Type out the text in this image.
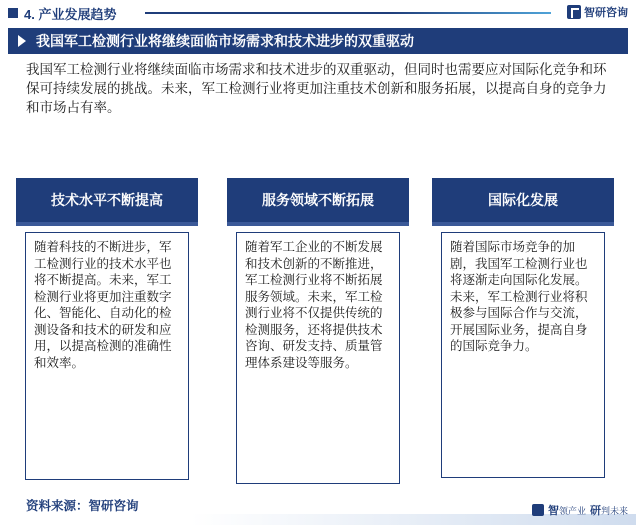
4. 产业发展趋势	智研咨询
我国军工检测行业将继续面临市场需求和技术进步的双重驱动
我国军工检测行业将继续面临市场需求和技术进步的双重驱动，但同时也需要应对国际化竞争和环保可持续发展的挑战。未来，军工检测行业将更加注重技术创新和服务拓展，以提高自身的竞争力和市场占有率。
技术水平不断提高
随着科技的不断进步，军工检测行业的技术水平也将不断提高。未来，军工检测行业将更加注重数字化、智能化、自动化的检测设备和技术的研发和应用，以提高检测的准确性和效率。
服务领域不断拓展
随着军工企业的不断发展和技术创新的不断推进，军工检测行业将不断拓展服务领域。未来，军工检测行业将不仅提供传统的检测服务，还将提供技术咨询、研发支持、质量管理体系建设等服务。
国际化发展
随着国际市场竞争的加剧，我国军工检测行业也将逐渐走向国际化发展。未来，军工检测行业将积极参与国际合作与交流，开展国际业务，提高自身的国际竞争力。
资料来源：智研咨询	智领产业 研判未来
